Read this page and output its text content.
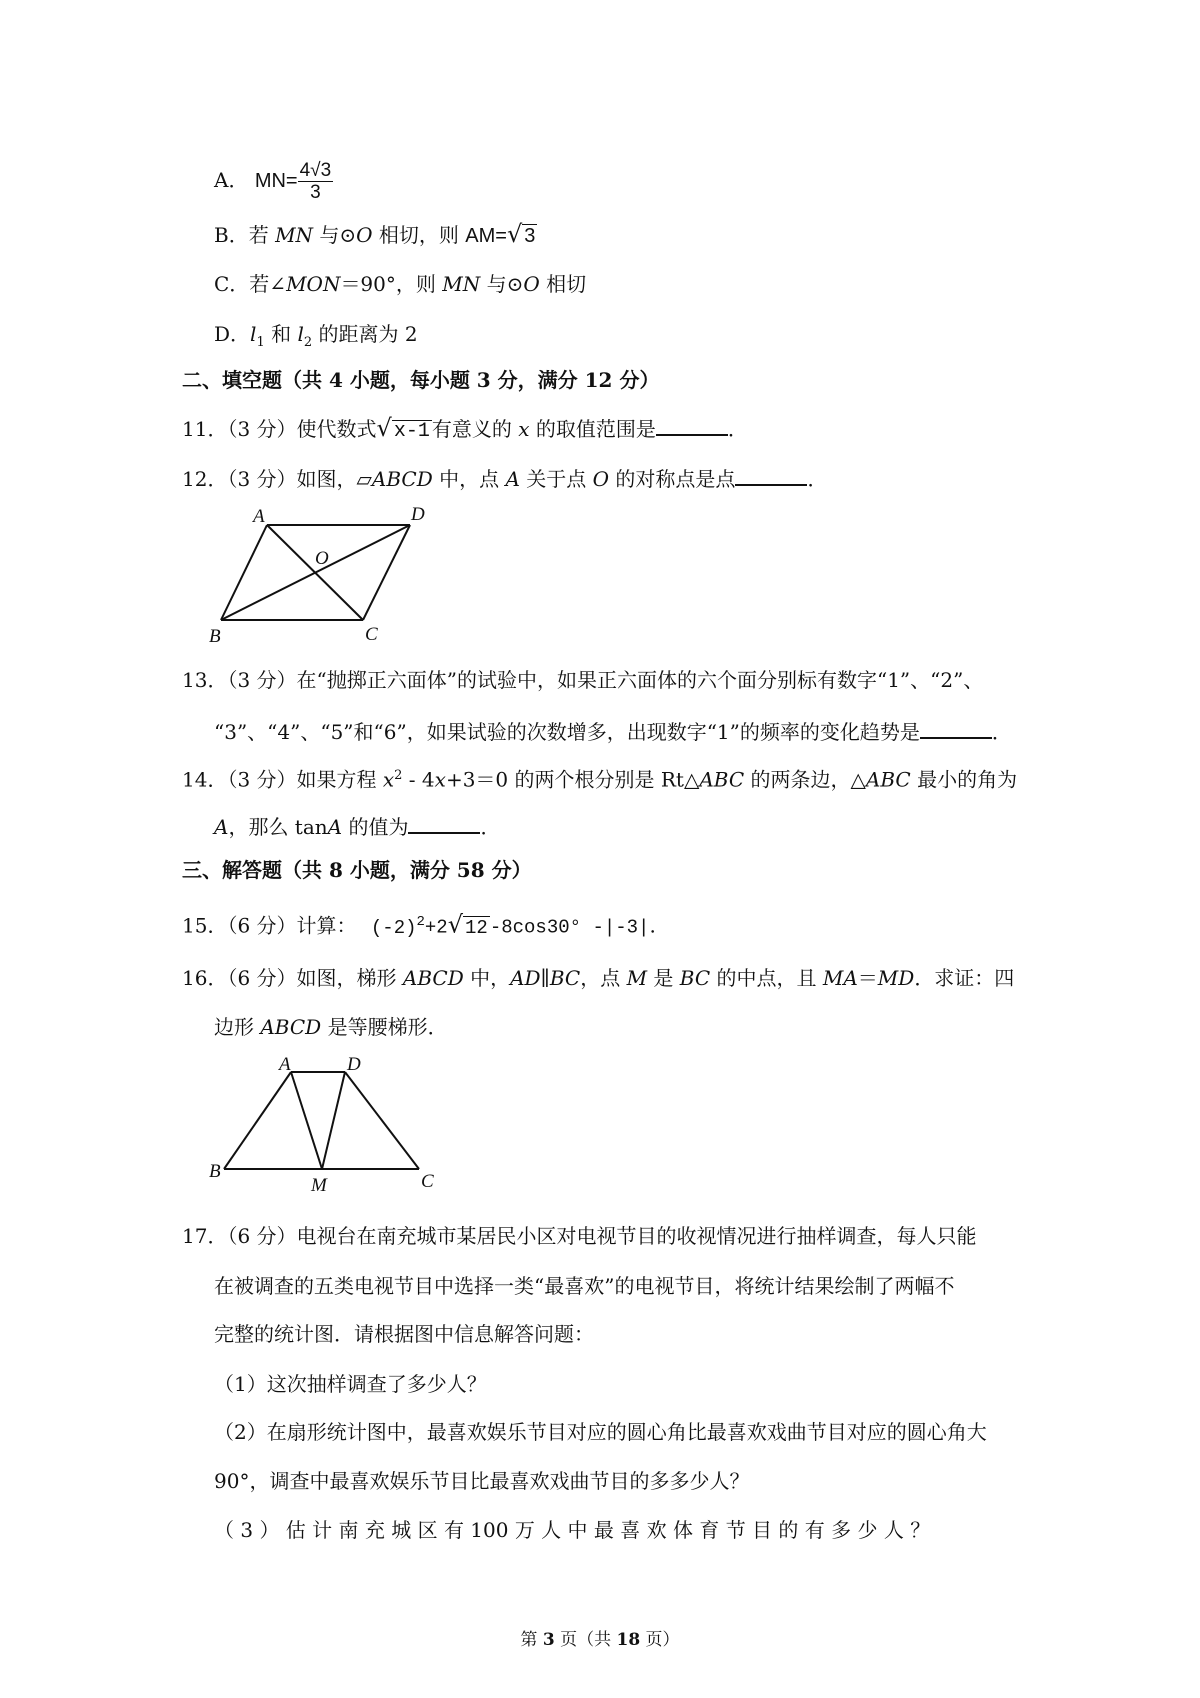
A． $MN= \frac{4√3}{3}$
B．若 MN 与⊙O 相切，则 AM=√ 3
C．若∠MON＝90°，则 MN 与⊙O 相切
D．$l_1$ 和 $l_2$ 的距离为 2
二、填空题（共 4 小题，每小题 3 分，满分 12 分）
11．（3 分）使代数式√ x-1 有意义的 x 的取值范围是	．
12．（3 分）如图，▱ABCD 中，点 A 关于点 O 的对称点是点	．
A	D
O
B	C
13．（3 分）在“抛掷正六面体”的试验中，如果正六面体的六个面分别标有数字“1”、“2”、
“3”、“4”、“5”和“6”，如果试验的次数增多，出现数字“1”的频率的变化趋势是	．
14．（3 分）如果方程 $x^2 - 4x+3=0$ 的两个根分别是 Rt△ABC 的两条边，△ABC 最小的角为
A，那么 tanA 的值为	．
三、解答题（共 8 小题，满分 58 分）
15．（6 分）计算： $(-2)^2+2√$ 12 -8cos30° -|-3|.
16．（6 分）如图，梯形 ABCD 中，AD∥BC，点 M 是 BC 的中点，且 MA＝MD．求证：四
边形 ABCD 是等腰梯形．
A	D
B
M	C
17．（6 分）电视台在南充城市某居民小区对电视节目的收视情况进行抽样调查，每人只能
在被调查的五类电视节目中选择一类“最喜欢”的电视节目，将统计结果绘制了两幅不
完整的统计图．请根据图中信息解答问题：
（1）这次抽样调查了多少人？
（2）在扇形统计图中，最喜欢娱乐节目对应的圆心角比最喜欢戏曲节目对应的圆心角大
90°，调查中最喜欢娱乐节目比最喜欢戏曲节目的多多少人？
（ 3 ） 估 计 南 充 城 区 有 100 万 人 中 最 喜 欢 体 育 节 目 的 有 多 少 人 ？
第 3 页（共 18 页）
